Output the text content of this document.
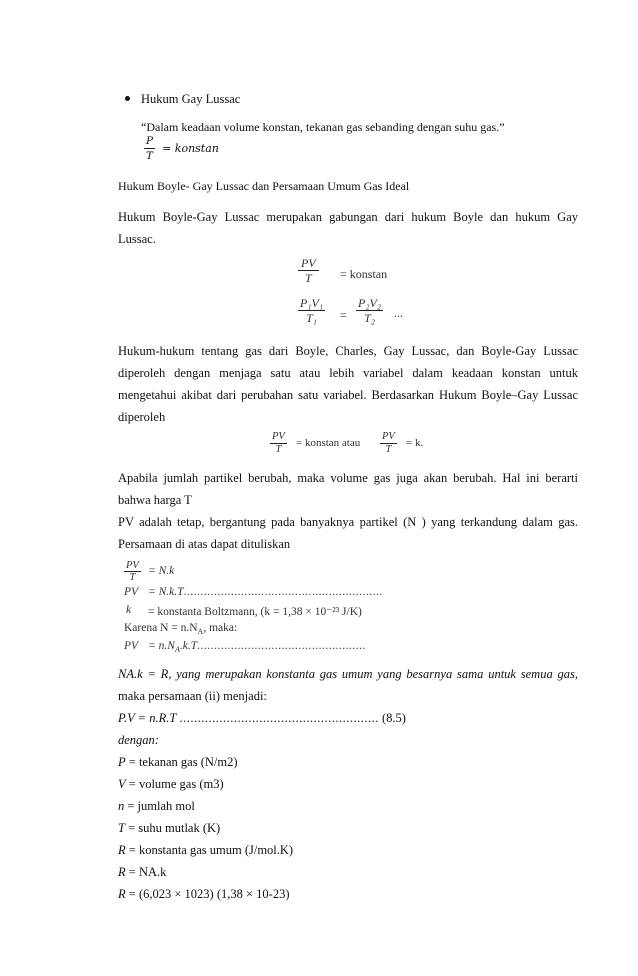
Hukum Gay Lussac
“Dalam keadaan volume konstan, tekanan gas sebanding dengan suhu gas.”
$\frac{P}{T}$ = konstan
Hukum Boyle- Gay Lussac dan Persamaan Umum Gas Ideal
Hukum Boyle-Gay Lussac merupakan gabungan dari hukum Boyle dan hukum Gay
Lussac.
$\frac{PV}{T}$ = konstan
$\frac{\text{P₁V₁}}{\text{T₁}} = \frac{\text{P₂V₂}}{\text{T₂}}$ ...
Hukum-hukum tentang gas dari Boyle, Charles, Gay Lussac, dan Boyle-Gay Lussac
diperoleh dengan menjaga satu atau lebih variabel dalam keadaan konstan untuk
mengetahui akibat dari perubahan satu variabel. Berdasarkan Hukum Boyle–Gay Lussac
diperoleh
$\frac{PV}{T}$ = konstan atau $\frac{PV}{T} = k$.
Apabila jumlah partikel berubah, maka volume gas juga akan berubah. Hal ini berarti
bahwa harga T
PV adalah tetap, bergantung pada banyaknya partikel (N ) yang terkandung dalam gas.
Persamaan di atas dapat dituliskan
$\frac{PV}{T} = N.k$
PV = N.k.T...........................................................
k = konstanta Boltzmann, (k = 1,38 × 10⁻²³ J/K)
Karena $N = n.N_A$, maka:
PV = $n.N_A.k.T$..................................................
NA.k = R, yang merupakan konstanta gas umum yang besarnya sama untuk semua gas,
maka persamaan (ii) menjadi:
P.V = n.R.T ....................................................... (8.5)
dengan:
P = tekanan gas (N/m2)
V = volume gas (m3)
n = jumlah mol
T = suhu mutlak (K)
R = konstanta gas umum (J/mol.K)
R = NA.k
R = (6,023 × 1023) (1,38 × 10-23)
